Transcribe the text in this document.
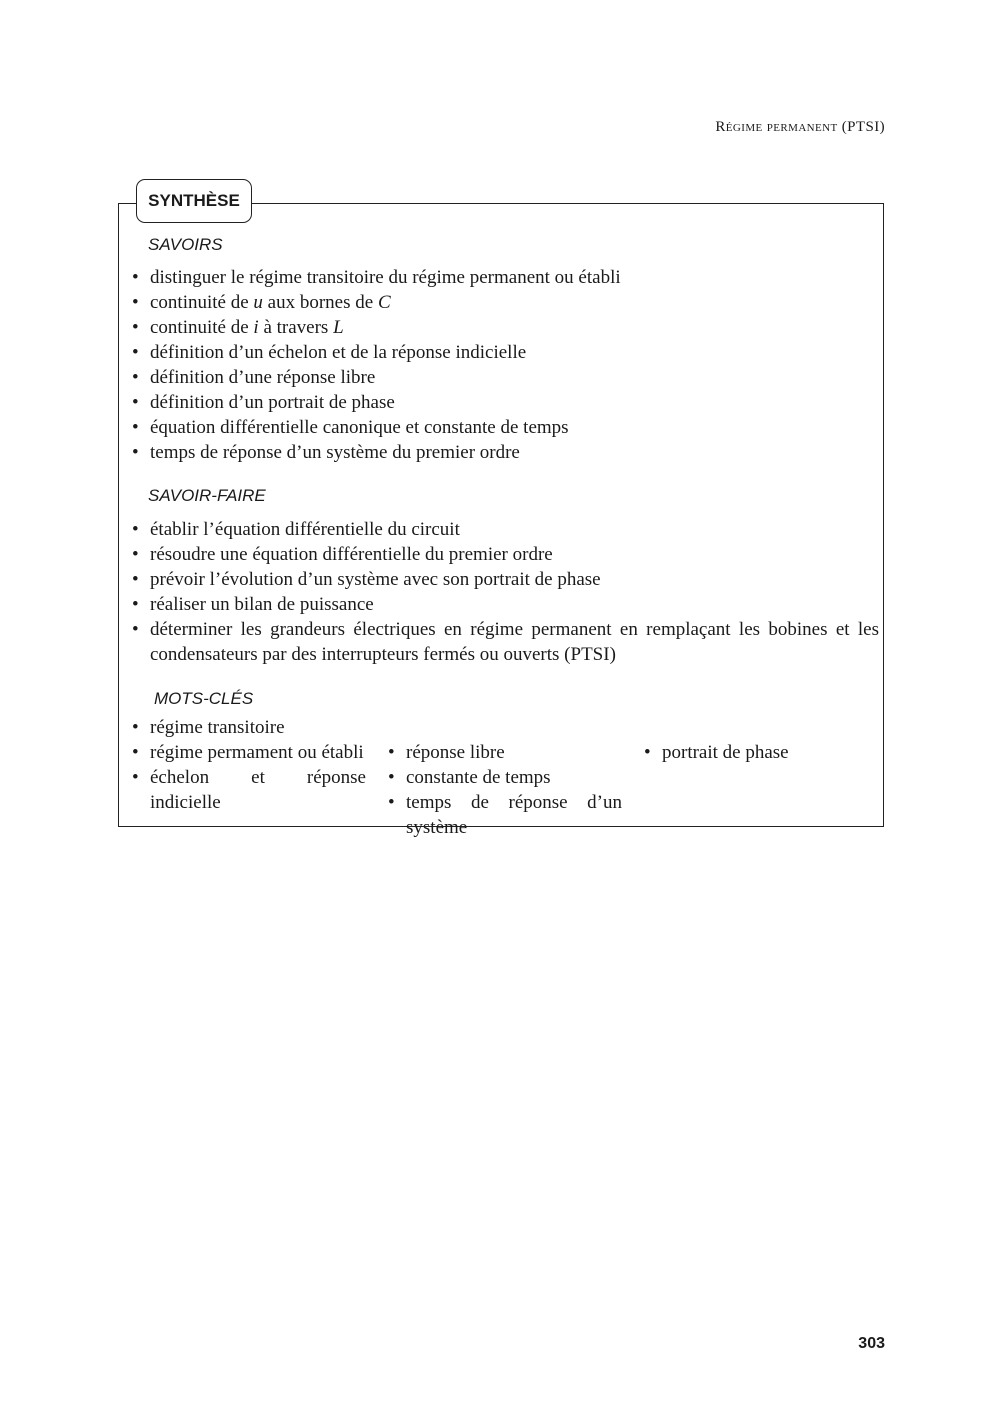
Régime permanent (PTSI)
SYNTHÈSE
SAVOIRS
• distinguer le régime transitoire du régime permanent ou établi
• continuité de u aux bornes de C
• continuité de i à travers L
• définition d’un échelon et de la réponse indicielle
• définition d’une réponse libre
• définition d’un portrait de phase
• équation différentielle canonique et constante de temps
• temps de réponse d’un système du premier ordre
SAVOIR-FAIRE
• établir l’équation différentielle du circuit
• résoudre une équation différentielle du premier ordre
• prévoir l’évolution d’un système avec son portrait de phase
• réaliser un bilan de puissance
• déterminer les grandeurs électriques en régime permanent en remplaçant les bobines et les condensateurs par des interrupteurs fermés ou ouverts (PTSI)
MOTS-CLÉS
• régime transitoire
• régime permament ou établi
• échelon et réponse indicielle
• réponse libre
• constante de temps
• temps de réponse d’un système
• portrait de phase
303
